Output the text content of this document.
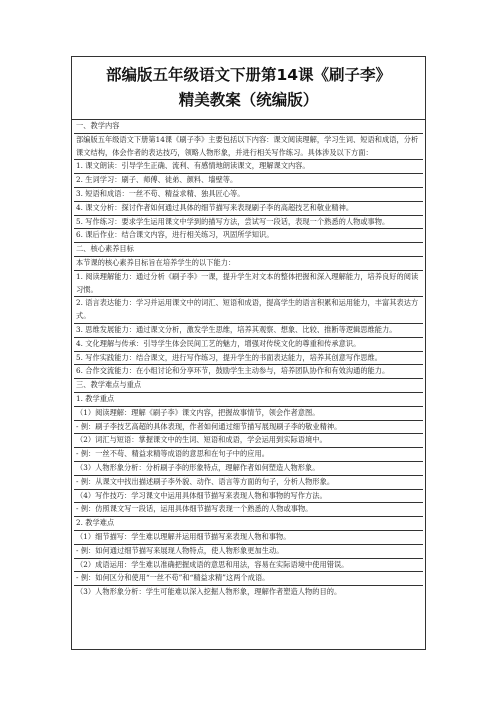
部编版五年级语文下册第14课《刷子李》
精美教案（统编版）
一、教学内容
部编版五年级语文下册第14课《刷子李》主要包括以下内容：课文阅读理解，学习生词、短语和成语，分析课文结构，体会作者的表达技巧，领略人物形象，并进行相关写作练习。具体涉及以下方面：
1. 课文朗读：引导学生正确、流利、有感情地朗读课文，理解课文内容。
2. 生词学习：刷子、师傅、徒弟、颜料、墙壁等。
3. 短语和成语：一丝不苟、精益求精、独具匠心等。
4. 课文分析：探讨作者如何通过具体的细节描写来表现刷子李的高超技艺和敬业精神。
5. 写作练习：要求学生运用课文中学到的描写方法，尝试写一段话，表现一个熟悉的人物或事物。
6. 课后作业：结合课文内容，进行相关练习，巩固所学知识。
二、核心素养目标
本节课的核心素养目标旨在培养学生的以下能力：
1. 阅读理解能力：通过分析《刷子李》一课，提升学生对文本的整体把握和深入理解能力，培养良好的阅读习惯。
2. 语言表达能力：学习并运用课文中的词汇、短语和成语，提高学生的语言积累和运用能力，丰富其表达方式。
3. 思维发展能力：通过课文分析，激发学生思维，培养其观察、想象、比较、推断等逻辑思维能力。
4. 文化理解与传承：引导学生体会民间工艺的魅力，增强对传统文化的尊重和传承意识。
5. 写作实践能力：结合课文，进行写作练习，提升学生的书面表达能力，培养其创意写作思维。
6. 合作交流能力：在小组讨论和分享环节，鼓励学生主动参与，培养团队协作和有效沟通的能力。
三、教学难点与重点
1. 教学重点
（1）阅读理解：理解《刷子李》课文内容，把握故事情节，领会作者意图。
- 例：刷子李技艺高超的具体表现，作者如何通过细节描写展现刷子李的敬业精神。
（2）词汇与短语：掌握课文中的生词、短语和成语，学会运用到实际语境中。
- 例：一丝不苟、精益求精等成语的意思和在句子中的应用。
（3）人物形象分析：分析刷子李的形象特点，理解作者如何塑造人物形象。
- 例：从课文中找出描述刷子李外貌、动作、语言等方面的句子，分析人物形象。
（4）写作技巧：学习课文中运用具体细节描写来表现人物和事物的写作方法。
- 例：仿照课文写一段话，运用具体细节描写表现一个熟悉的人物或事物。
2. 教学难点
（1）细节描写：学生难以理解并运用细节描写来表现人物和事物。
- 例：如何通过细节描写来展现人物特点，使人物形象更加生动。
（2）成语运用：学生难以准确把握成语的意思和用法，容易在实际语境中使用错误。
- 例：如何区分和使用“一丝不苟”和“精益求精”这两个成语。
（3）人物形象分析：学生可能难以深入挖掘人物形象，理解作者塑造人物的目的。
